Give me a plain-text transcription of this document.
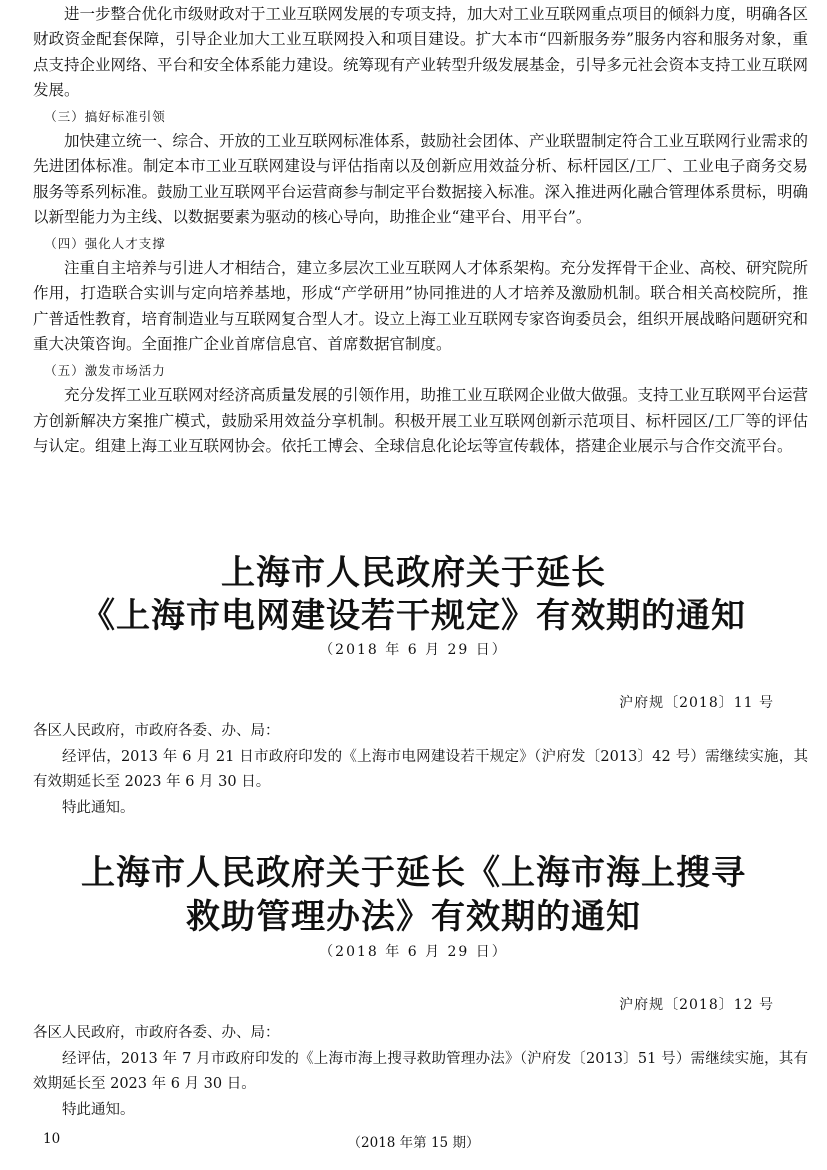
进一步整合优化市级财政对于工业互联网发展的专项支持，加大对工业互联网重点项目的倾斜力度，明确各区财政资金配套保障，引导企业加大工业互联网投入和项目建设。扩大本市“四新服务券”服务内容和服务对象，重点支持企业网络、平台和安全体系能力建设。统筹现有产业转型升级发展基金，引导多元社会资本支持工业互联网发展。

（三）搞好标准引领

加快建立统一、综合、开放的工业互联网标准体系，鼓励社会团体、产业联盟制定符合工业互联网行业需求的先进团体标准。制定本市工业互联网建设与评估指南以及创新应用效益分析、标杆园区/工厂、工业电子商务交易服务等系列标准。鼓励工业互联网平台运营商参与制定平台数据接入标准。深入推进两化融合管理体系贯标，明确以新型能力为主线、以数据要素为驱动的核心导向，助推企业“建平台、用平台”。

（四）强化人才支撑

注重自主培养与引进人才相结合，建立多层次工业互联网人才体系架构。充分发挥骨干企业、高校、研究院所作用，打造联合实训与定向培养基地，形成“产学研用”协同推进的人才培养及激励机制。联合相关高校院所，推广普适性教育，培育制造业与互联网复合型人才。设立上海工业互联网专家咨询委员会，组织开展战略问题研究和重大决策咨询。全面推广企业首席信息官、首席数据官制度。

（五）激发市场活力

充分发挥工业互联网对经济高质量发展的引领作用，助推工业互联网企业做大做强。支持工业互联网平台运营方创新解决方案推广模式，鼓励采用效益分享机制。积极开展工业互联网创新示范项目、标杆园区/工厂等的评估与认定。组建上海工业互联网协会。依托工博会、全球信息化论坛等宣传载体，搭建企业展示与合作交流平台。

上海市人民政府关于延长
《上海市电网建设若干规定》有效期的通知
（2018 年 6 月 29 日）
沪府规〔2018〕11 号

各区人民政府，市政府各委、办、局：

经评估，2013 年 6 月 21 日市政府印发的《上海市电网建设若干规定》（沪府发〔2013〕42 号）需继续实施，其有效期延长至 2023 年 6 月 30 日。

特此通知。

上海市人民政府关于延长《上海市海上搜寻
救助管理办法》有效期的通知
（2018 年 6 月 29 日）
沪府规〔2018〕12 号

各区人民政府，市政府各委、办、局：

经评估，2013 年 7 月市政府印发的《上海市海上搜寻救助管理办法》（沪府发〔2013〕51 号）需继续实施，其有效期延长至 2023 年 6 月 30 日。

特此通知。

10	（2018 年第 15 期）
